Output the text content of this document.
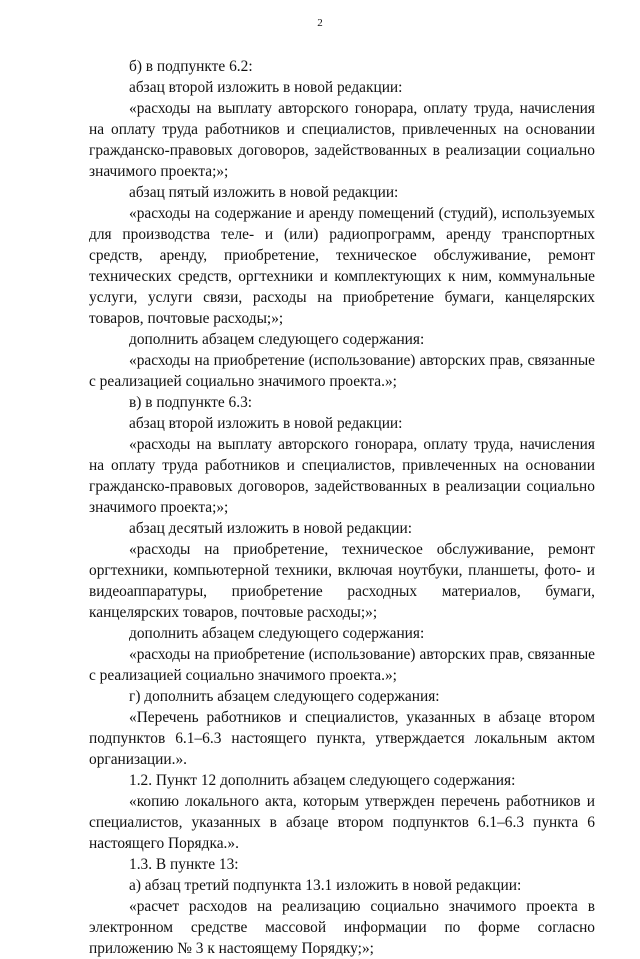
2

б) в подпункте 6.2:

абзац второй изложить в новой редакции:

«расходы на выплату авторского гонорара, оплату труда, начисления на оплату труда работников и специалистов, привлеченных на основании гражданско-правовых договоров, задействованных в реализации социально значимого проекта;»;

абзац пятый изложить в новой редакции:

«расходы на содержание и аренду помещений (студий), используемых для производства теле- и (или) радиопрограмм, аренду транспортных средств, аренду, приобретение, техническое обслуживание, ремонт технических средств, оргтехники и комплектующих к ним, коммунальные услуги, услуги связи, расходы на приобретение бумаги, канцелярских товаров, почтовые расходы;»;

дополнить абзацем следующего содержания:

«расходы на приобретение (использование) авторских прав, связанные с реализацией социально значимого проекта.»;

в) в подпункте 6.3:

абзац второй изложить в новой редакции:

«расходы на выплату авторского гонорара, оплату труда, начисления на оплату труда работников и специалистов, привлеченных на основании гражданско-правовых договоров, задействованных в реализации социально значимого проекта;»;

абзац десятый изложить в новой редакции:

«расходы на приобретение, техническое обслуживание, ремонт оргтехники, компьютерной техники, включая ноутбуки, планшеты, фото- и видеоаппаратуры, приобретение расходных материалов, бумаги, канцелярских товаров, почтовые расходы;»;

дополнить абзацем следующего содержания:

«расходы на приобретение (использование) авторских прав, связанные с реализацией социально значимого проекта.»;

г) дополнить абзацем следующего содержания:

«Перечень работников и специалистов, указанных в абзаце втором подпунктов 6.1–6.3 настоящего пункта, утверждается локальным актом организации.».

1.2. Пункт 12 дополнить абзацем следующего содержания:

«копию локального акта, которым утвержден перечень работников и специалистов, указанных в абзаце втором подпунктов 6.1–6.3 пункта 6 настоящего Порядка.».

1.3. В пункте 13:

а) абзац третий подпункта 13.1 изложить в новой редакции:

«расчет расходов на реализацию социально значимого проекта в электронном средстве массовой информации по форме согласно приложению № 3 к настоящему Порядку;»;
